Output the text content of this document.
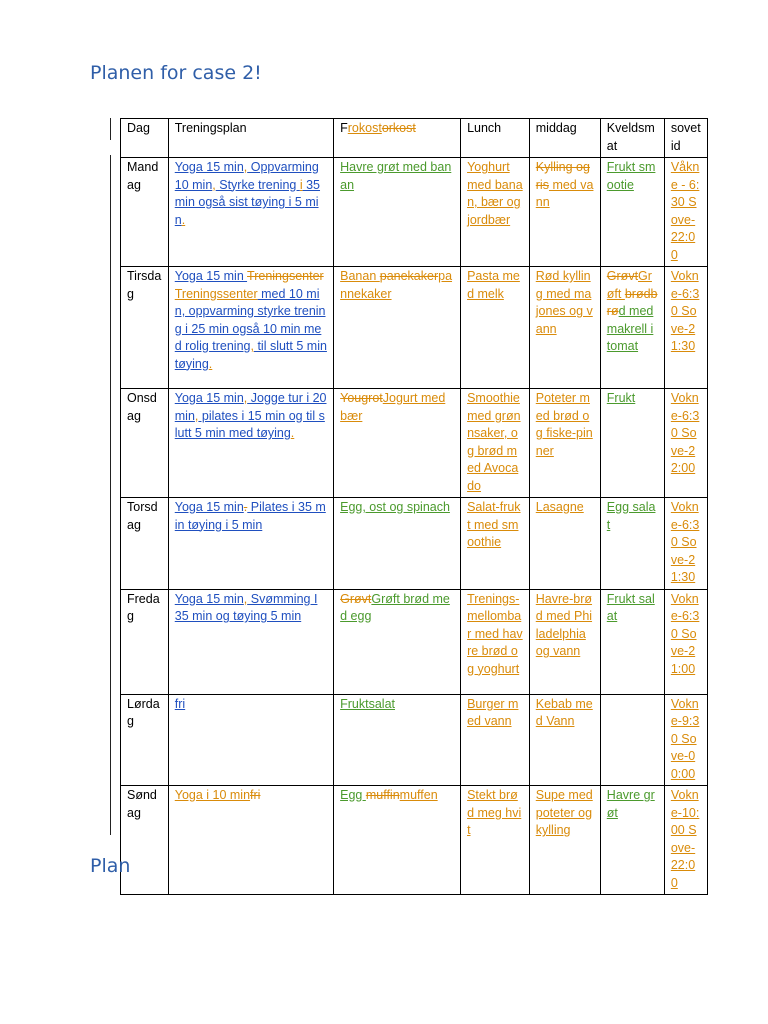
Planen for case 2!
Dag	Treningsplan	Frokostorkost	Lunch	middag	Kveldsmat	sovetid
Mandag	Yoga 15 min, Oppvarming 10 min, Styrke trening i 35 min også sist tøying i 5 min.	Havre grøt med banan	Yoghurt med banan, bær og jordbær	Kylling og ris med vann	Frukt smootie	Våkne - 6:30 Sove-22:00
Tirsdag	Yoga 15 min TreningsenterTreningssenter med 10 min, oppvarming styrke trening i 25 min også 10 min med rolig trening, til slutt 5 min tøying.	Banan panekakerpannekaker	Pasta med melk	Rød kylling med majones og vann	GrøvtGrøft brødbrød med makrell i tomat	Vokne-6:30 Sove-21:30
Onsdag	Yoga 15 min, Jogge tur i 20 min, pilates i 15 min og til slutt 5 min med tøying.	YougrotJogurt med bær	Smoothie med grønnsaker, og brød med Avocado	Poteter med brød og fiske-pinner	Frukt	Vokne-6:30 Sove-22:00
Torsdag	Yoga 15 min. Pilates i 35 min tøying i 5 min	Egg, ost og spinach	Salat-frukt med smoothie	Lasagne	Egg salat	Vokne-6:30 Sove-21:30
Fredag	Yoga 15 min, Svømming I 35 min og tøying 5 min	GrøvtGrøft brød med egg	Trenings-mellombar med havre brød og yoghurt	Havre-brød med Philadelphia og vann	Frukt salat	Vokne-6:30 Sove-21:00
Lørdag	fri	Fruktsalat	Burger med vann	Kebab med Vann		Vokne-9:30 Sove-00:00
Søndag	Yoga i 10 minfri	Egg muffinmuffen	Stekt brød meg hvit	Supe med poteter og kylling	Havre grøt	Vokne-10:00 Sove-22:00
Plan
